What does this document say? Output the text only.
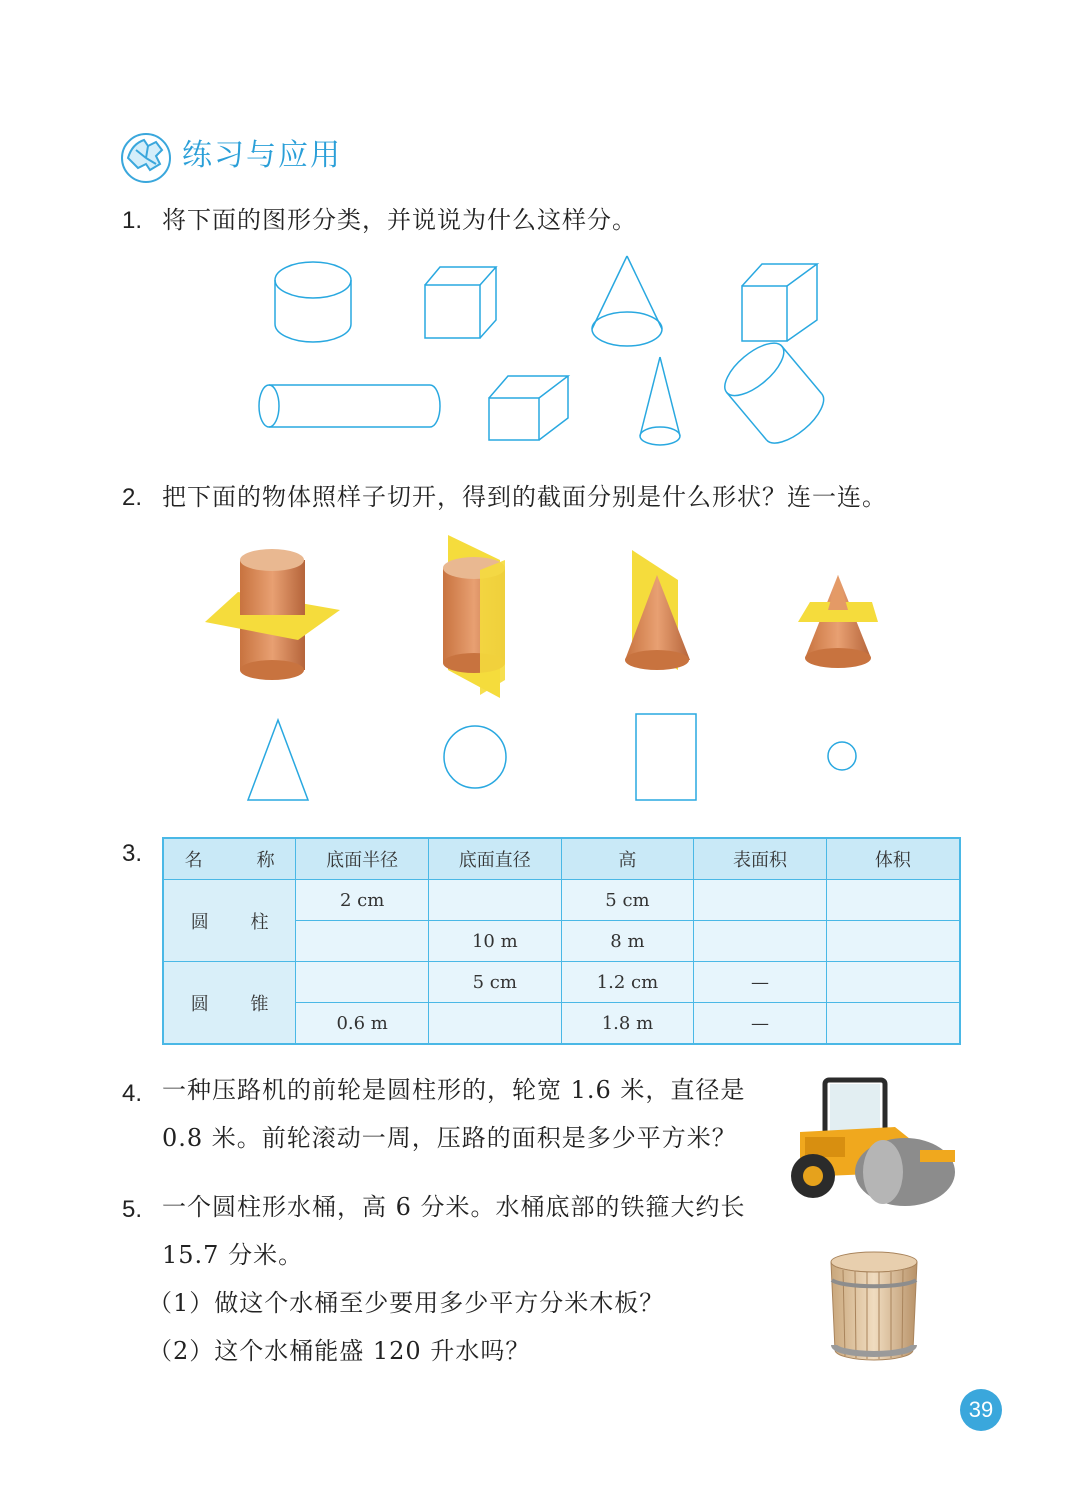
练习与应用
1. 将下面的图形分类，并说说为什么这样分。
2. 把下面的物体照样子切开，得到的截面分别是什么形状？连一连。
3. 名　称	底面半径	底面直径	高	表面积	体积
圆 柱	2 cm		5 cm		
		10 m	8 m		
圆 锥		5 cm	1.2 cm	—	
	0.6 m		1.8 m	—	
4. 一种压路机的前轮是圆柱形的，轮宽 1.6 米，直径是
0.8 米。前轮滚动一周，压路的面积是多少平方米？
5. 一个圆柱形水桶，高 6 分米。水桶底部的铁箍大约长
15.7 分米。
（1）做这个水桶至少要用多少平方分米木板？
（2）这个水桶能盛 120 升水吗？
39
